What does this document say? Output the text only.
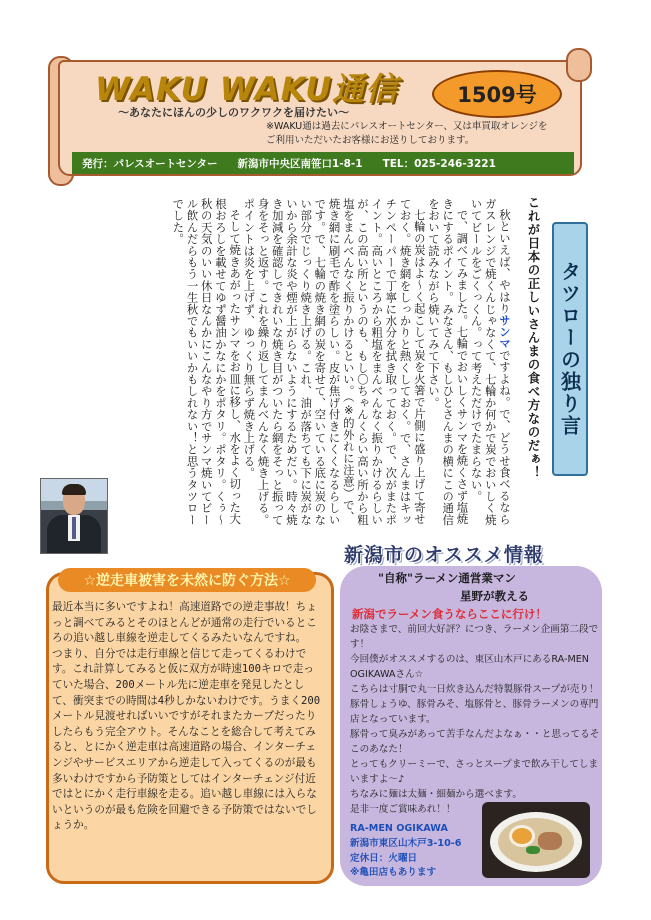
WAKU WAKU通信
～あなたにほんの少しのワクワクを届けたい～
1509号
※WAKU通は過去にパレスオートセンター、又は車買取オレンジを
ご利用いただいたお客様にお送りしております。
発行：パレスオートセンター 新潟市中央区南笹口1-8-1 TEL：025-246-3221
これが日本の正しいさんまの食べ方なのだぁ！ タツローの独り言

秋といえば、やはりサンマですよね。で、どうせ食べるならガスレンジで焼くんじゃなくて、七輪か何かで炭でおいしく焼いてビールをごくっくん。って考えただけでたまらない。

で、調べてみました。七輪でおいしくサンマを焼くさず塩焼きにするポイント。みなさん、もしひとさんまの横にこの通信をおいて読みながら焼いてみて下さい。

七輪の炭はよ～く起こして炭を火箸で片側に盛り上げて寄せておく。焼き網をしっかりと熱くしておく。で、さんまはキッチンペーパーで丁寧に水分を拭き取っておく。で、次がまたポイント。高いところから粗塩をまんべんなく振りかけるらしいが、この高い所というのも、もし〇ちゃんくらい高い所から粗塩をまんべんなく振りかけるといい。（※的外れに注意）で、焼き網に刷毛で酢を塗らしい。皮が焦げ付きにくくなるらしいです。で、七輪の焼き網の炭を寄せて、空いている底に炭のない部分でじっくり焼き上げる。これ、油が落ちても下に炭がないから余計な炎や煙が上がらないようにするためだい。時々焼き加減を確認しできれいな焼き目がついたら網をそっと振って身をそっと返す。これを繰り返してまんべんなく焼き上げる。ポイントは炎を上げず、ゆっくり無らず焼き上げる。

そして焼きあがったサンマをお皿に移し、水をよく切った大根おろしを載せてゆず醤油かなにかをポタリ。ポタリ。くぅ～秋の天気のいい休日なんかにこんなやり方でサンマ焼いてビール飲んだらもう一生秋でもいいかもしれない！と思うタツローでした。

☆逆走車被害を未然に防ぐ方法☆

最近本当に多いですよね！高速道路での逆走事故！ちょっと調べてみるとそのほとんどが通常の走行でいるところの追い越し車線を逆走してくるみたいなんですね。

つまり、自分では走行車線と信じて走ってくるわけです。これ計算してみると仮に双方が時速100キロで走っていた場合、200メートル先に逆走車を発見したとして、衝突までの時間は4秒しかないわけです。うまく200メートル見渡せればいいですがそれまたカーブだったりしたらもう完全アウト。そんなことを総合して考えてみると、とにかく逆走車は高速道路の場合、インターチェンジやサービスエリアから逆走して入ってくるのが最も多いわけですから予防策としてはインターチェンジ付近ではとにかく走行車線を走る。追い越し車線には入らないというのが最も危険を回避できる予防策ではないでしょうか。

新潟市のオススメ情報
"自称"ラーメン通営業マン
星野が教える
新潟でラーメン食うならここに行け！

お陰さまで、前回大好評？につき、ラーメン企画第二段です！

今回僕がオススメするのは、東区山木戸にあるRA-MEN OGIKAWAさん☆

こちらは寸胴で丸一日炊き込んだ特製豚骨スープが売り！豚骨しょうゆ、豚骨みそ、塩豚骨と、豚骨ラーメンの専門店となっています。

豚骨って臭みがあって苦手なんだよなぁ・・と思ってるそこのあなた！

とってもクリーミーで、さっとスープまで飲み干してしまいますよ～♪

ちなみに麺は太麺・細麺から選べます。

是非一度ご賞味あれ！！

RA-MEN OGIKAWA
新潟市東区山木戸3-10-6
定休日：火曜日
※亀田店もあります
